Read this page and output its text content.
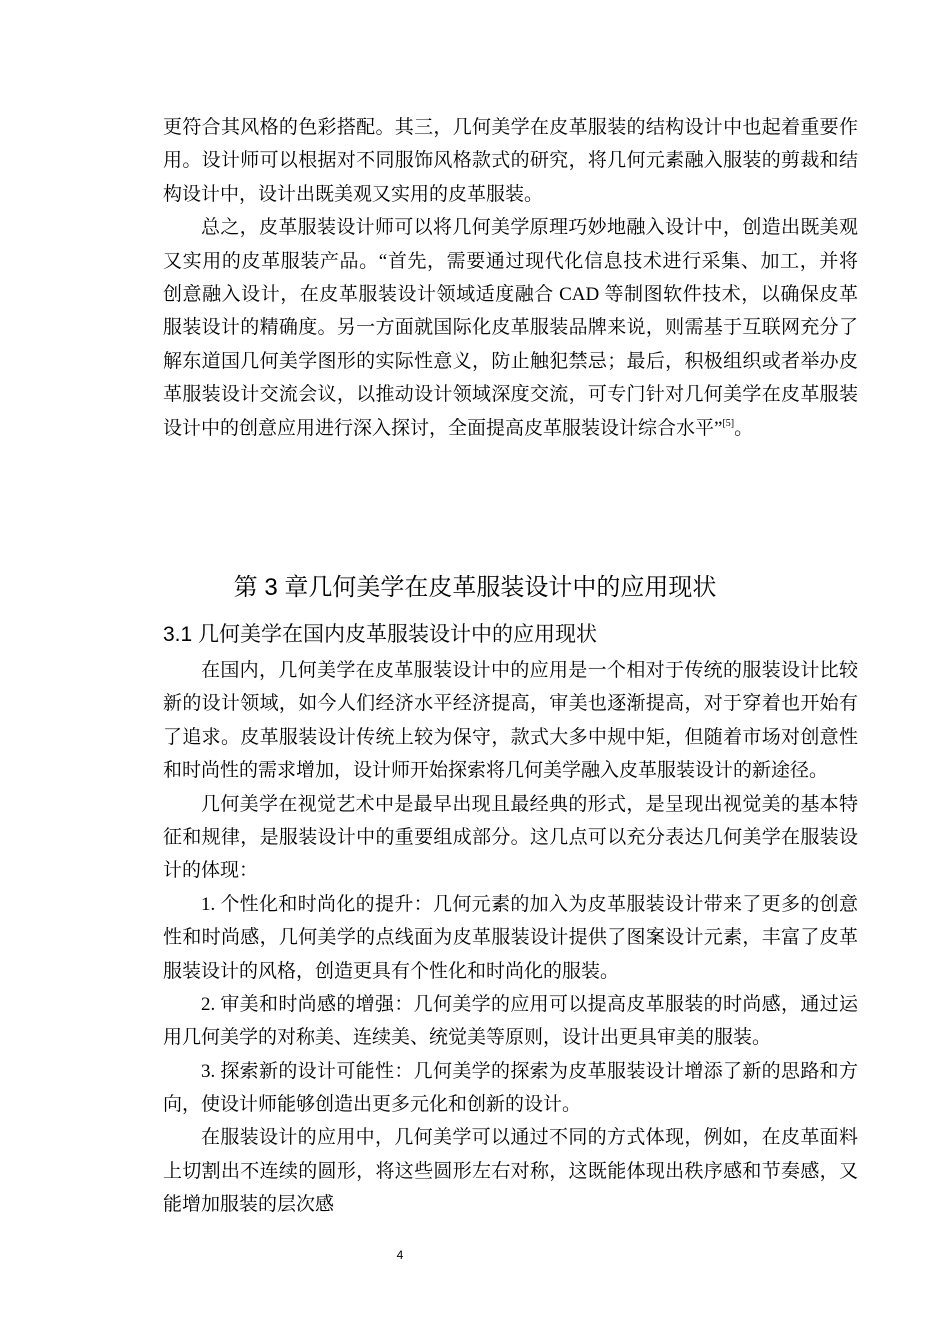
更符合其风格的色彩搭配。其三，几何美学在皮革服装的结构设计中也起着重要作
用。设计师可以根据对不同服饰风格款式的研究，将几何元素融入服装的剪裁和结
构设计中，设计出既美观又实用的皮革服装。
总之，皮革服装设计师可以将几何美学原理巧妙地融入设计中，创造出既美观
又实用的皮革服装产品。“首先，需要通过现代化信息技术进行采集、加工，并将
创意融入设计，在皮革服装设计领域适度融合 CAD 等制图软件技术，以确保皮革
服装设计的精确度。另一方面就国际化皮革服装品牌来说，则需基于互联网充分了
解东道国几何美学图形的实际性意义，防止触犯禁忌；最后，积极组织或者举办皮
革服装设计交流会议，以推动设计领域深度交流，可专门针对几何美学在皮革服装
设计中的创意应用进行深入探讨，全面提高皮革服装设计综合水平”[5]。
第 3 章几何美学在皮革服装设计中的应用现状
3.1 几何美学在国内皮革服装设计中的应用现状
在国内，几何美学在皮革服装设计中的应用是一个相对于传统的服装设计比较
新的设计领域，如今人们经济水平经济提高，审美也逐渐提高，对于穿着也开始有
了追求。皮革服装设计传统上较为保守，款式大多中规中矩，但随着市场对创意性
和时尚性的需求增加，设计师开始探索将几何美学融入皮革服装设计的新途径。
几何美学在视觉艺术中是最早出现且最经典的形式，是呈现出视觉美的基本特
征和规律，是服装设计中的重要组成部分。这几点可以充分表达几何美学在服装设
计的体现：
1. 个性化和时尚化的提升：几何元素的加入为皮革服装设计带来了更多的创意
性和时尚感，几何美学的点线面为皮革服装设计提供了图案设计元素，丰富了皮革
服装设计的风格，创造更具有个性化和时尚化的服装。
2. 审美和时尚感的增强：几何美学的应用可以提高皮革服装的时尚感，通过运
用几何美学的对称美、连续美、统觉美等原则，设计出更具审美的服装。
3. 探索新的设计可能性：几何美学的探索为皮革服装设计增添了新的思路和方
向，使设计师能够创造出更多元化和创新的设计。
在服装设计的应用中，几何美学可以通过不同的方式体现，例如，在皮革面料
上切割出不连续的圆形，将这些圆形左右对称，这既能体现出秩序感和节奏感，又
能增加服装的层次感
4
